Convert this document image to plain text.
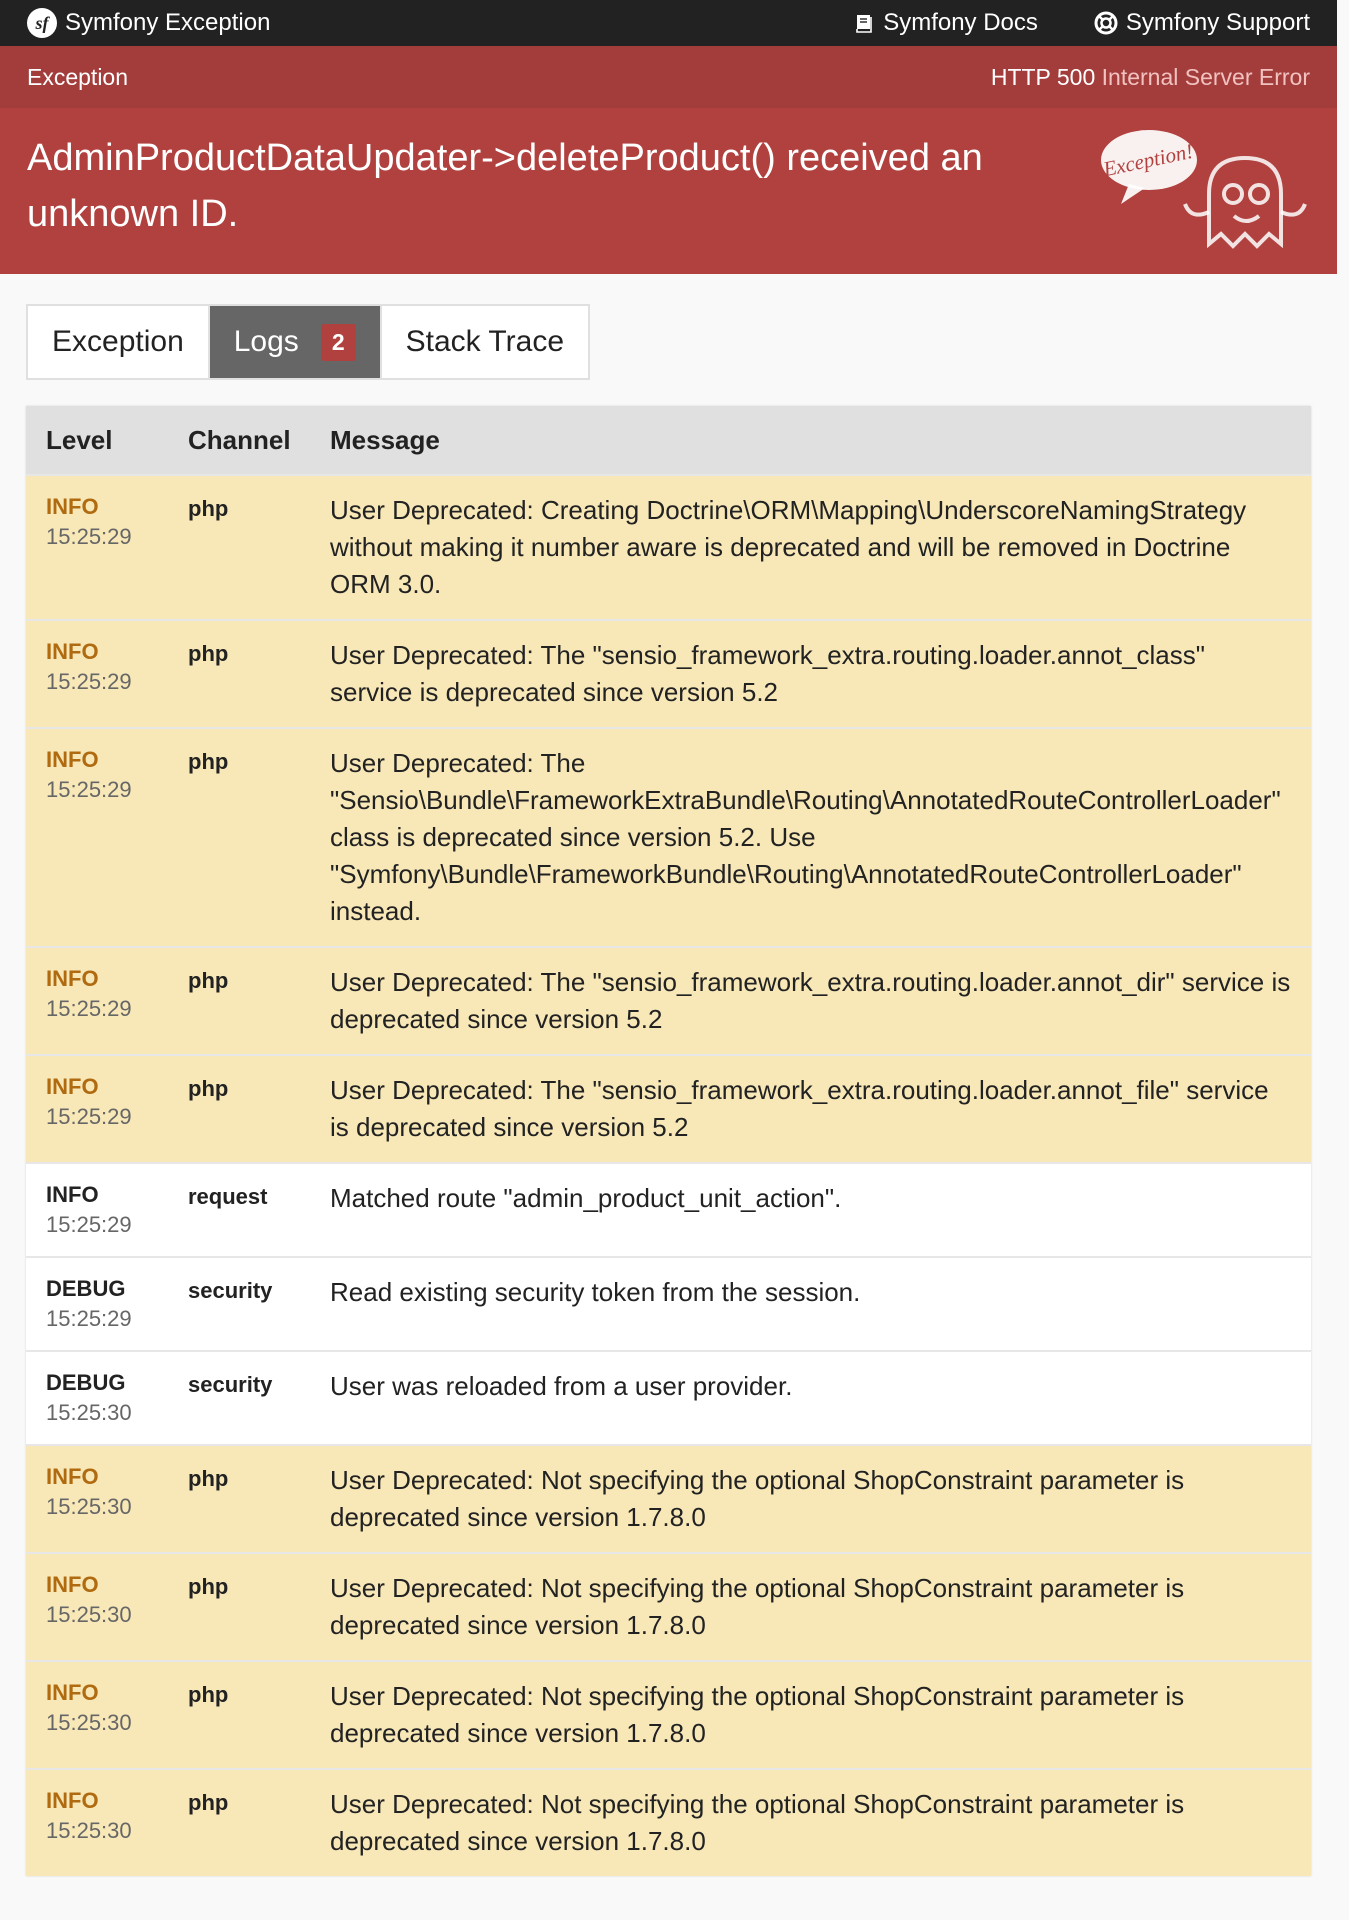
sf Symfony Exception	Symfony Docs	Symfony Support
Exception	HTTP 500 Internal Server Error
AdminProductDataUpdater->deleteProduct() received an unknown ID.
Exception!
Exception Logs	2	Stack Trace
Level	Channel	Message

INFO
15:25:29	php	User Deprecated: Creating Doctrine\ORM\Mapping\UnderscoreNamingStrategy without making it number aware is deprecated and will be removed in Doctrine ORM 3.0.

INFO
15:25:29	php	User Deprecated: The "sensio_framework_extra.routing.loader.annot_class" service is deprecated since version 5.2

INFO
15:25:29	php	User Deprecated: The "Sensio\Bundle\FrameworkExtraBundle\Routing\AnnotatedRouteControllerLoader" class is deprecated since version 5.2. Use "Symfony\Bundle\FrameworkBundle\Routing\AnnotatedRouteControllerLoader" instead.

INFO
15:25:29	php	User Deprecated: The "sensio_framework_extra.routing.loader.annot_dir" service is deprecated since version 5.2

INFO
15:25:29	php	User Deprecated: The "sensio_framework_extra.routing.loader.annot_file" service is deprecated since version 5.2

INFO
15:25:29	request	Matched route "admin_product_unit_action".

DEBUG
15:25:29	security	Read existing security token from the session.

DEBUG
15:25:30	security	User was reloaded from a user provider.

INFO
15:25:30	php	User Deprecated: Not specifying the optional ShopConstraint parameter is deprecated since version 1.7.8.0

INFO
15:25:30	php	User Deprecated: Not specifying the optional ShopConstraint parameter is deprecated since version 1.7.8.0

INFO
15:25:30	php	User Deprecated: Not specifying the optional ShopConstraint parameter is deprecated since version 1.7.8.0

INFO
15:25:30	php	User Deprecated: Not specifying the optional ShopConstraint parameter is deprecated since version 1.7.8.0
